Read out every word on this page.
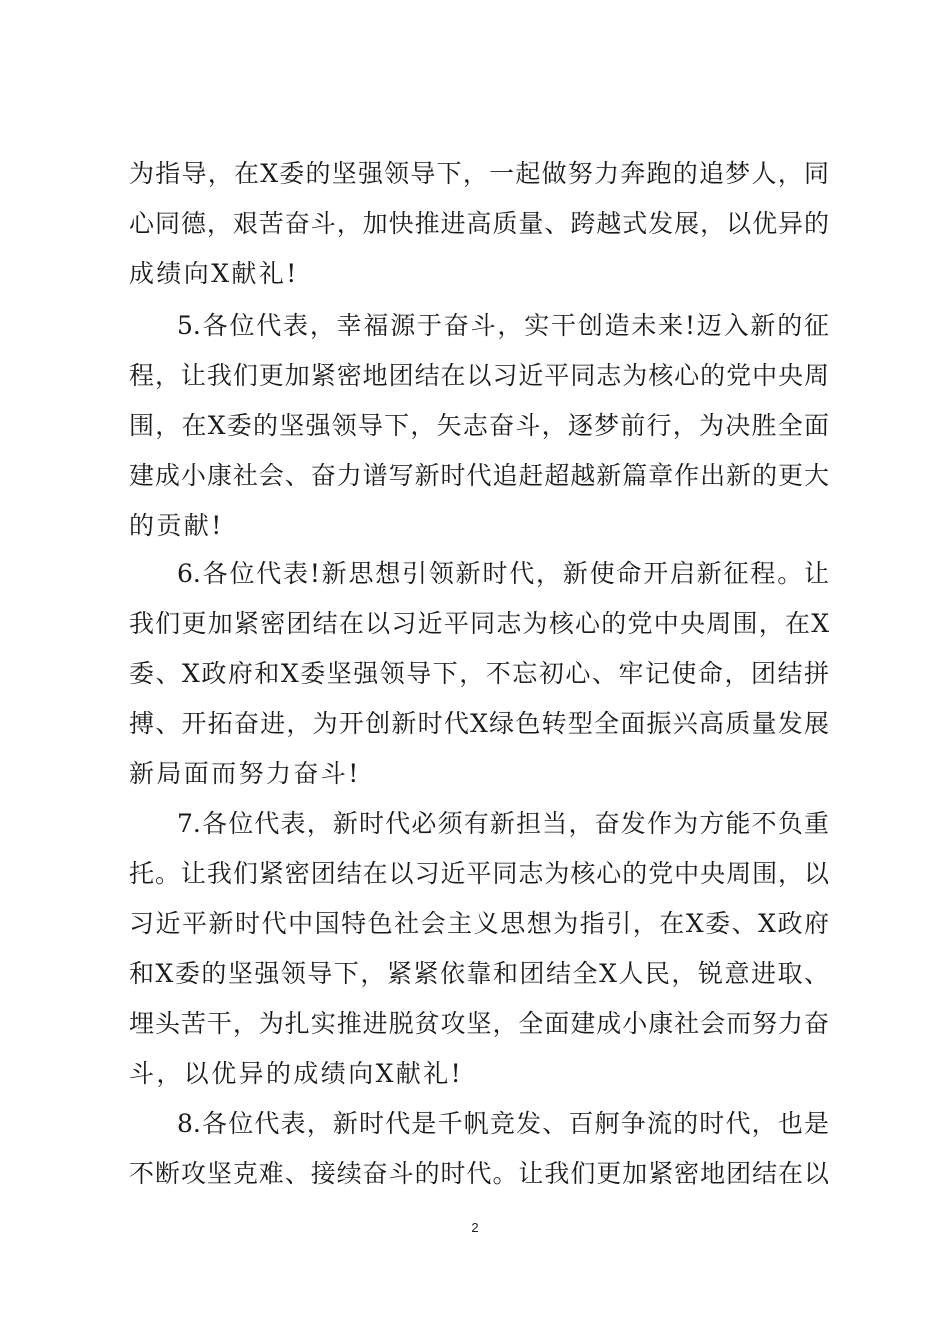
为指导，在X委的坚强领导下，一起做努力奔跑的追梦人，同
心同德，艰苦奋斗，加快推进高质量、跨越式发展，以优异的
成绩向X献礼!
5.各位代表，幸福源于奋斗，实干创造未来!迈入新的征
程，让我们更加紧密地团结在以习近平同志为核心的党中央周
围，在X委的坚强领导下，矢志奋斗，逐梦前行，为决胜全面
建成小康社会、奋力谱写新时代追赶超越新篇章作出新的更大
的贡献!
6.各位代表!新思想引领新时代，新使命开启新征程。让
我们更加紧密团结在以习近平同志为核心的党中央周围，在X
委、X政府和X委坚强领导下，不忘初心、牢记使命，团结拼
搏、开拓奋进，为开创新时代X绿色转型全面振兴高质量发展
新局面而努力奋斗!
7.各位代表，新时代必须有新担当，奋发作为方能不负重
托。让我们紧密团结在以习近平同志为核心的党中央周围，以
习近平新时代中国特色社会主义思想为指引，在X委、X政府
和X委的坚强领导下，紧紧依靠和团结全X人民，锐意进取、
埋头苦干，为扎实推进脱贫攻坚，全面建成小康社会而努力奋
斗，以优异的成绩向X献礼!
8.各位代表，新时代是千帆竞发、百舸争流的时代，也是
不断攻坚克难、接续奋斗的时代。让我们更加紧密地团结在以
2
